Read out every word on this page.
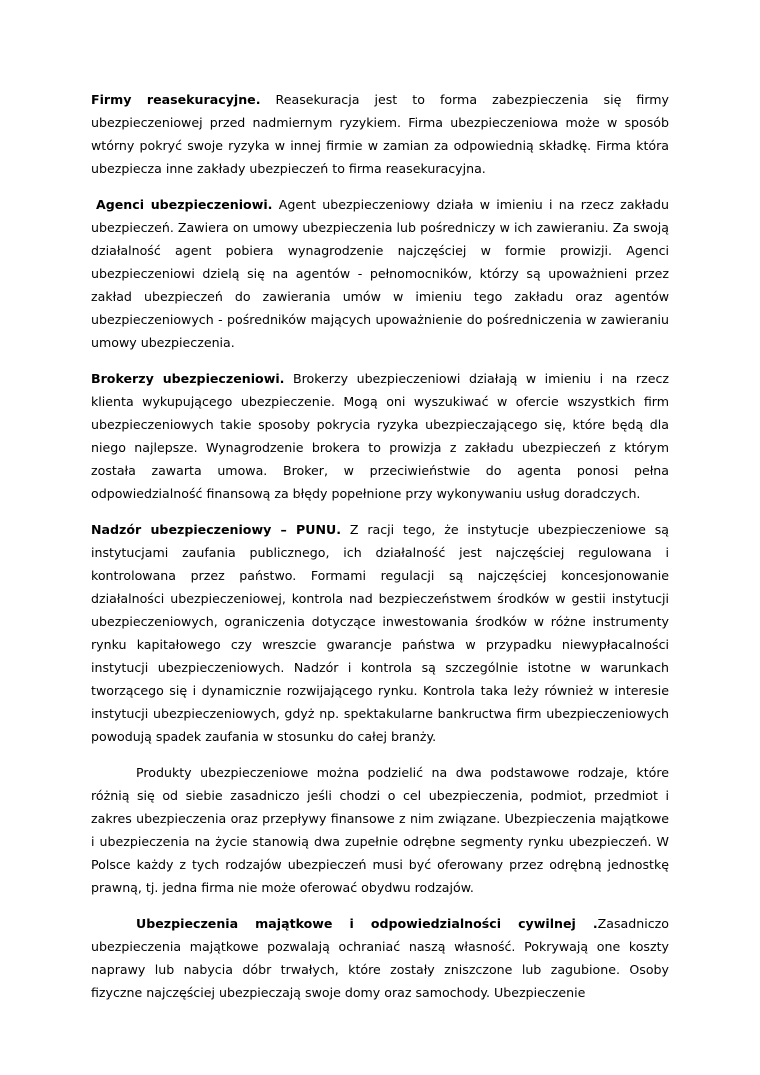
Firmy reasekuracyjne. Reasekuracja jest to forma zabezpieczenia się firmy ubezpieczeniowej przed nadmiernym ryzykiem. Firma ubezpieczeniowa może w sposób wtórny pokryć swoje ryzyka w innej firmie w zamian za odpowiednią składkę. Firma która ubezpiecza inne zakłady ubezpieczeń to firma reasekuracyjna.

Agenci ubezpieczeniowi. Agent ubezpieczeniowy działa w imieniu i na rzecz zakładu ubezpieczeń. Zawiera on umowy ubezpieczenia lub pośredniczy w ich zawieraniu. Za swoją działalność agent pobiera wynagrodzenie najczęściej w formie prowizji. Agenci ubezpieczeniowi dzielą się na agentów - pełnomocników, którzy są upoważnieni przez zakład ubezpieczeń do zawierania umów w imieniu tego zakładu oraz agentów ubezpieczeniowych - pośredników mających upoważnienie do pośredniczenia w zawieraniu umowy ubezpieczenia.

Brokerzy ubezpieczeniowi. Brokerzy ubezpieczeniowi działają w imieniu i na rzecz klienta wykupującego ubezpieczenie. Mogą oni wyszukiwać w ofercie wszystkich firm ubezpieczeniowych takie sposoby pokrycia ryzyka ubezpieczającego się, które będą dla niego najlepsze. Wynagrodzenie brokera to prowizja z zakładu ubezpieczeń z którym została zawarta umowa. Broker, w przeciwieństwie do agenta ponosi pełna odpowiedzialność finansową za błędy popełnione przy wykonywaniu usług doradczych.

Nadzór ubezpieczeniowy – PUNU. Z racji tego, że instytucje ubezpieczeniowe są instytucjami zaufania publicznego, ich działalność jest najczęściej regulowana i kontrolowana przez państwo. Formami regulacji są najczęściej koncesjonowanie działalności ubezpieczeniowej, kontrola nad bezpieczeństwem środków w gestii instytucji ubezpieczeniowych, ograniczenia dotyczące inwestowania środków w różne instrumenty rynku kapitałowego czy wreszcie gwarancje państwa w przypadku niewypłacalności instytucji ubezpieczeniowych. Nadzór i kontrola są szczególnie istotne w warunkach tworzącego się i dynamicznie rozwijającego rynku. Kontrola taka leży również w interesie instytucji ubezpieczeniowych, gdyż np. spektakularne bankructwa firm ubezpieczeniowych powodują spadek zaufania w stosunku do całej branży.

Produkty ubezpieczeniowe można podzielić na dwa podstawowe rodzaje, które różnią się od siebie zasadniczo jeśli chodzi o cel ubezpieczenia, podmiot, przedmiot i zakres ubezpieczenia oraz przepływy finansowe z nim związane. Ubezpieczenia majątkowe i ubezpieczenia na życie stanowią dwa zupełnie odrębne segmenty rynku ubezpieczeń. W Polsce każdy z tych rodzajów ubezpieczeń musi być oferowany przez odrębną jednostkę prawną, tj. jedna firma nie może oferować obydwu rodzajów.

Ubezpieczenia majątkowe i odpowiedzialności cywilnej .Zasadniczo ubezpieczenia majątkowe pozwalają ochraniać naszą własność. Pokrywają one koszty naprawy lub nabycia dóbr trwałych, które zostały zniszczone lub zagubione. Osoby fizyczne najczęściej ubezpieczają swoje domy oraz samochody. Ubezpieczenie
